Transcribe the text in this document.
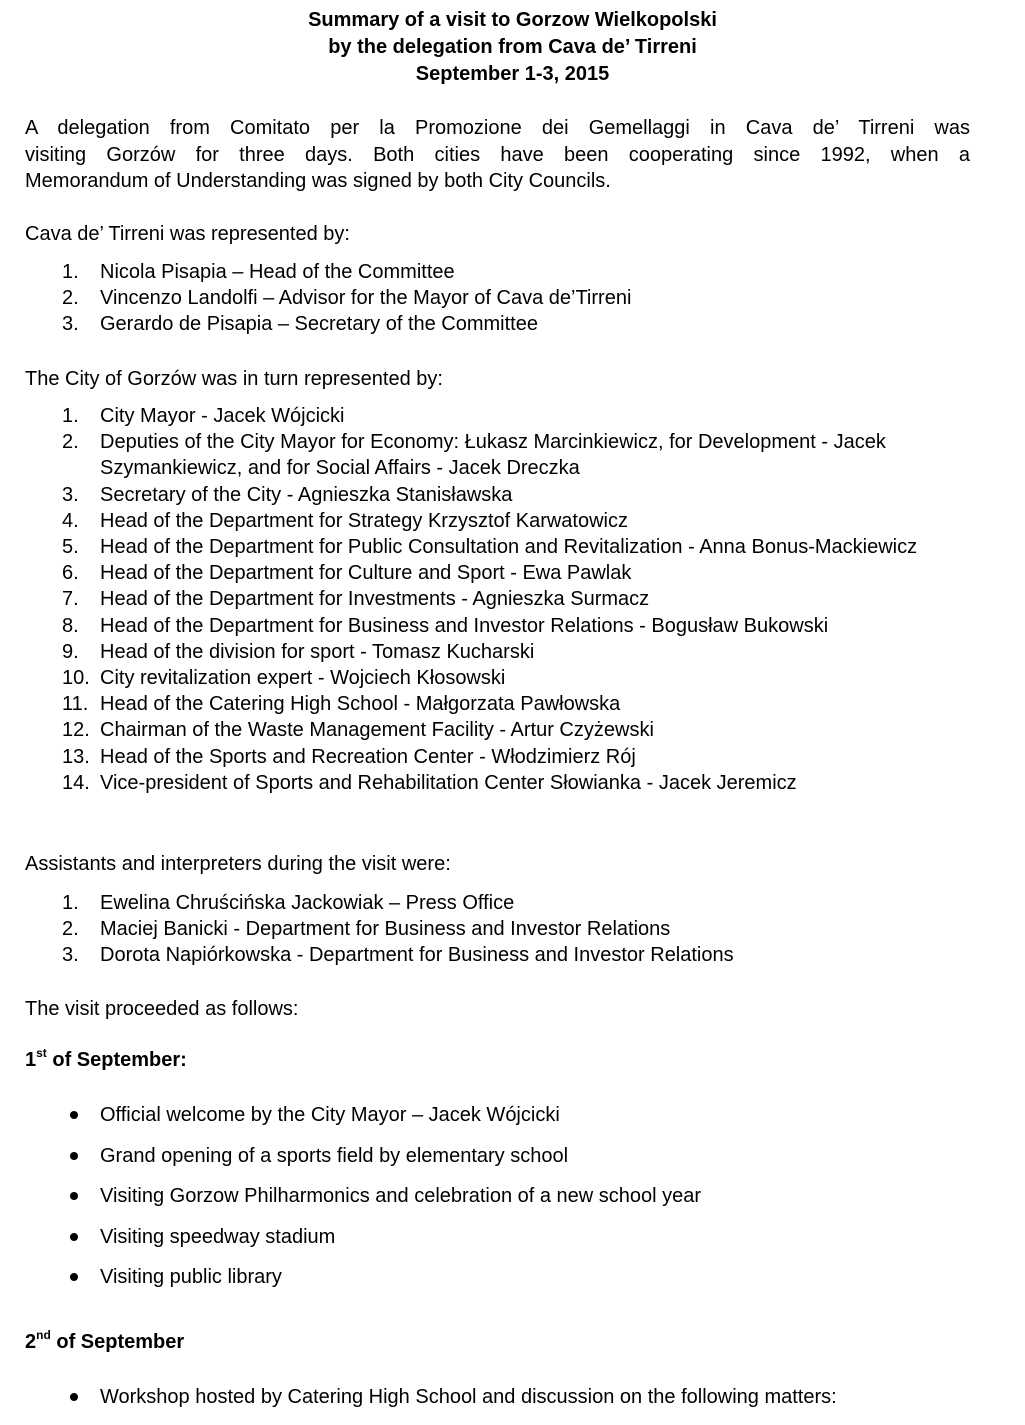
Summary of a visit to Gorzow Wielkopolski

by the delegation from Cava de’ Tirreni

September 1-3, 2015

A delegation from Comitato per la Promozione dei Gemellaggi in Cava de’ Tirreni was
visiting Gorzów for three days. Both cities have been cooperating since 1992, when a
Memorandum of Understanding was signed by both City Councils.

Cava de’ Tirreni was represented by:

1. Nicola Pisapia – Head of the Committee
2. Vincenzo Landolfi – Advisor for the Mayor of Cava de’Tirreni
3. Gerardo de Pisapia – Secretary of the Committee

The City of Gorzów was in turn represented by:

1. City Mayor - Jacek Wójcicki
2. Deputies of the City Mayor for Economy: Łukasz Marcinkiewicz, for Development - Jacek Szymankiewicz, and for Social Affairs - Jacek Dreczka
3. Secretary of the City - Agnieszka Stanisławska
4. Head of the Department for Strategy Krzysztof Karwatowicz
5. Head of the Department for Public Consultation and Revitalization - Anna Bonus-Mackiewicz
6. Head of the Department for Culture and Sport - Ewa Pawlak
7. Head of the Department for Investments - Agnieszka Surmacz
8. Head of the Department for Business and Investor Relations - Bogusław Bukowski
9. Head of the division for sport - Tomasz Kucharski
10. City revitalization expert - Wojciech Kłosowski
11. Head of the Catering High School - Małgorzata Pawłowska
12. Chairman of the Waste Management Facility - Artur Czyżewski
13. Head of the Sports and Recreation Center - Włodzimierz Rój
14. Vice-president of Sports and Rehabilitation Center Słowianka - Jacek Jeremicz

Assistants and interpreters during the visit were:

1. Ewelina Chruścińska Jackowiak – Press Office
2. Maciej Banicki - Department for Business and Investor Relations
3. Dorota Napiórkowska - Department for Business and Investor Relations

The visit proceeded as follows:

1st of September:

Official welcome by the City Mayor – Jacek Wójcicki
Grand opening of a sports field by elementary school
Visiting Gorzow Philharmonics and celebration of a new school year
Visiting speedway stadium
Visiting public library

2nd of September

Workshop hosted by Catering High School and discussion on the following matters:
